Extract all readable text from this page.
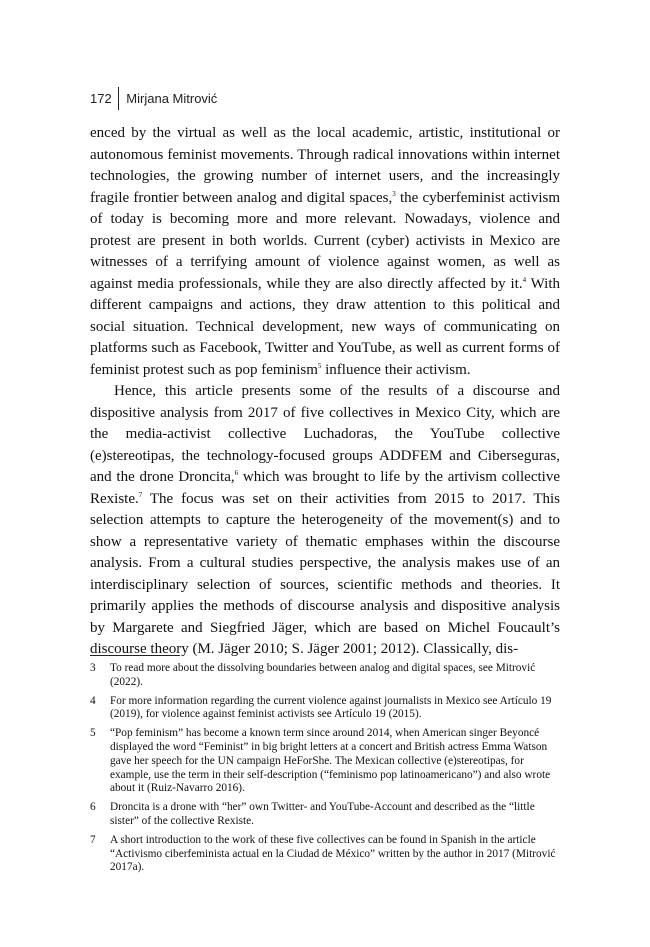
172	Mirjana Mitrović

enced by the virtual as well as the local academic, artistic, institutional or autonomous feminist movements. Through radical innovations within internet technologies, the growing number of internet users, and the increasingly fragile frontier between analog and digital spaces,$^3$ the cyberfeminist activism of today is becoming more and more relevant. Nowadays, violence and protest are present in both worlds. Current (cyber) activists in Mexico are witnesses of a terrifying amount of violence against women, as well as against media professionals, while they are also directly affected by it.$^4$ With different campaigns and actions, they draw attention to this political and social situation. Technical development, new ways of communicating on platforms such as Facebook, Twitter and YouTube, as well as current forms of feminist protest such as pop feminism$^5$ influence their activism.

Hence, this article presents some of the results of a discourse and dispositive analysis from 2017 of five collectives in Mexico City, which are the media-activist collective Luchadoras, the YouTube collective (e)stereotipas, the technology-focused groups ADDFEM and Ciberseguras, and the drone Droncita,$^6$ which was brought to life by the artivism collective Rexiste.$^7$ The focus was set on their activities from 2015 to 2017. This selection attempts to capture the heterogeneity of the movement(s) and to show a representative variety of thematic emphases within the discourse analysis. From a cultural studies perspective, the analysis makes use of an interdisciplinary selection of sources, scientific methods and theories. It primarily applies the methods of discourse analysis and dispositive analysis by Margarete and Siegfried Jäger, which are based on Michel Foucault’s discourse theory (M. Jäger 2010; S. Jäger 2001; 2012). Classically, dis-

3	To read more about the dissolving boundaries between analog and digital spaces, see Mitrović (2022).
4	For more information regarding the current violence against journalists in Mexico see Artículo 19 (2019), for violence against feminist activists see Artículo 19 (2015).
5	“Pop feminism” has become a known term since around 2014, when American singer Beyoncé displayed the word “Feminist” in big bright letters at a concert and British actress Emma Watson gave her speech for the UN campaign HeForShe. The Mexican collective (e)stereotipas, for example, use the term in their self-description (“feminismo pop latinoamericano”) and also wrote about it (Ruiz-Navarro 2016).
6	Droncita is a drone with “her” own Twitter- and YouTube-Account and described as the “little sister” of the collective Rexiste.
7	A short introduction to the work of these five collectives can be found in Spanish in the article “Activismo ciberfeminista actual en la Ciudad de México” written by the author in 2017 (Mitrović 2017a).
